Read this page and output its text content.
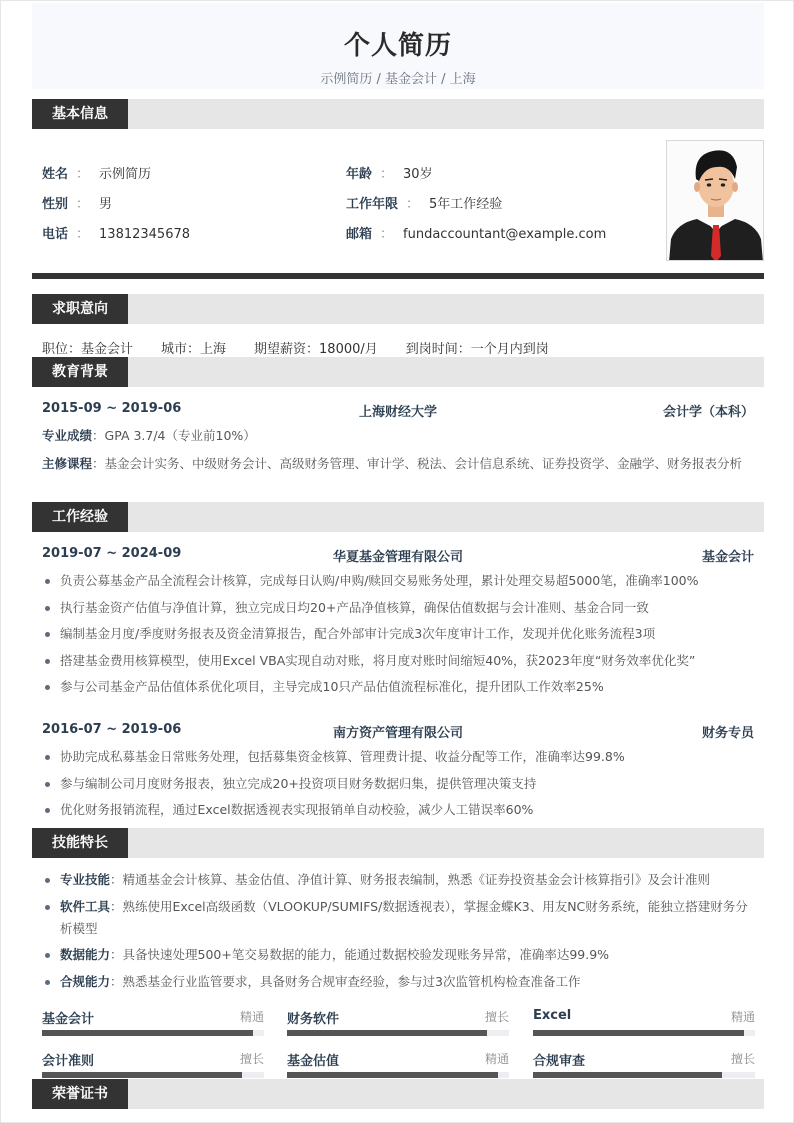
个人简历
示例简历 / 基金会计 / 上海
基本信息
姓名 ： 示例简历
性别 ： 男
电话 ： 13812345678
年龄 ： 30岁
工作年限 ： 5年工作经验
邮箱 ： fundaccountant@example.com
求职意向
职位：基金会计 城市：上海 期望薪资：18000/月 到岗时间：一个月内到岗
教育背景
2015-09 ~ 2019-06	上海财经大学	会计学（本科）
专业成绩：GPA 3.7/4（专业前10%）
主修课程：基金会计实务、中级财务会计、高级财务管理、审计学、税法、会计信息系统、证券投资学、金融学、财务报表分析
工作经验
2019-07 ~ 2024-09	华夏基金管理有限公司	基金会计
负责公募基金产品全流程会计核算，完成每日认购/申购/赎回交易账务处理，累计处理交易超5000笔，准确率100%
执行基金资产估值与净值计算，独立完成日均20+产品净值核算，确保估值数据与会计准则、基金合同一致
编制基金月度/季度财务报表及资金清算报告，配合外部审计完成3次年度审计工作，发现并优化账务流程3项
搭建基金费用核算模型，使用Excel VBA实现自动对账，将月度对账时间缩短40%，获2023年度“财务效率优化奖”
参与公司基金产品估值体系优化项目，主导完成10只产品估值流程标准化，提升团队工作效率25%
2016-07 ~ 2019-06	南方资产管理有限公司	财务专员
协助完成私募基金日常账务处理，包括募集资金核算、管理费计提、收益分配等工作，准确率达99.8%
参与编制公司月度财务报表，独立完成20+投资项目财务数据归集，提供管理决策支持
优化财务报销流程，通过Excel数据透视表实现报销单自动校验，减少人工错误率60%
技能特长
专业技能：精通基金会计核算、基金估值、净值计算、财务报表编制，熟悉《证券投资基金会计核算指引》及会计准则
软件工具：熟练使用Excel高级函数（VLOOKUP/SUMIFS/数据透视表），掌握金蝶K3、用友NC财务系统，能独立搭建财务分析模型
数据能力：具备快速处理500+笔交易数据的能力，能通过数据校验发现账务异常，准确率达99.9%
合规能力：熟悉基金行业监管要求，具备财务合规审查经验，参与过3次监管机构检查准备工作
基金会计	精通 财务软件	擅长 Excel	精通
会计准则	擅长 基金估值	精通 合规审查	擅长
荣誉证书
